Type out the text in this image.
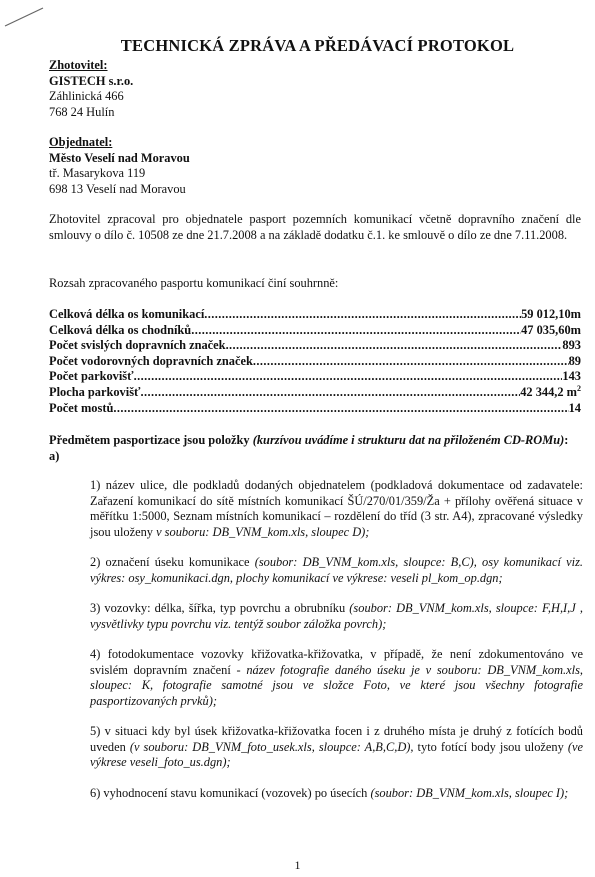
TECHNICKÁ ZPRÁVA A PŘEDÁVACÍ PROTOKOL
Zhotovitel:
GISTECH s.r.o.
Záhlinická 466
768 24 Hulín
Objednatel:
Město Veselí nad Moravou
tř. Masarykova 119
698 13 Veselí nad Moravou
Zhotovitel zpracoval pro objednatele pasport pozemních komunikací včetně dopravního značení dle smlouvy o dílo č. 10508 ze dne 21.7.2008 a na základě dodatku č.1. ke smlouvě o dílo ze dne 7.11.2008.
Rozsah zpracovaného pasportu komunikací činí souhrnně:
Celková délka os komunikací .....	59 012,10m
Celková délka os chodníků .....	47 035,60m
Počet svislých dopravních značek .....	893
Počet vodorovných dopravních značek .....	89
Počet parkovišť .....	143
Plocha parkovišť .....	42 344,2 $m^2$
Počet mostů .....	14
Předmětem pasportizace jsou položky (kurzívou uvádíme i strukturu dat na přiloženém CD-ROMu):
a)
1) název ulice, dle podkladů dodaných objednatelem (podkladová dokumentace od zadavatele: Zařazení komunikací do sítě místních komunikací ŠÚ/270/01/359/Ža + přílohy ověřená situace v měřítku 1:5000, Seznam místních komunikací – rozdělení do tříd (3 str. A4), zpracované výsledky jsou uloženy v souboru: DB_VNM_kom.xls, sloupec D);
2) označení úseku komunikace (soubor: DB_VNM_kom.xls, sloupce: B,C), osy komunikací viz. výkres: osy_komunikaci.dgn, plochy komunikací ve výkrese: veseli pl_kom_op.dgn;
3) vozovky: délka, šířka, typ povrchu a obrubníku (soubor: DB_VNM_kom.xls, sloupce: F,H,I,J , vysvětlivky typu povrchu viz. tentýž soubor záložka povrch);
4) fotodokumentace vozovky křižovatka-křižovatka, v případě, že není zdokumentováno ve svislém dopravním značení - název fotografie daného úseku je v souboru: DB_VNM_kom.xls, sloupec: K, fotografie samotné jsou ve složce Foto, ve které jsou všechny fotografie pasportizovaných prvků);
5) v situaci kdy byl úsek křižovatka-křižovatka focen i z druhého místa je druhý z fotících bodů uveden (v souboru: DB_VNM_foto_usek.xls, sloupce: A,B,C,D), tyto fotící body jsou uloženy (ve výkrese veseli_foto_us.dgn);
6) vyhodnocení stavu komunikací (vozovek) po úsecích (soubor: DB_VNM_kom.xls, sloupec I);
1
